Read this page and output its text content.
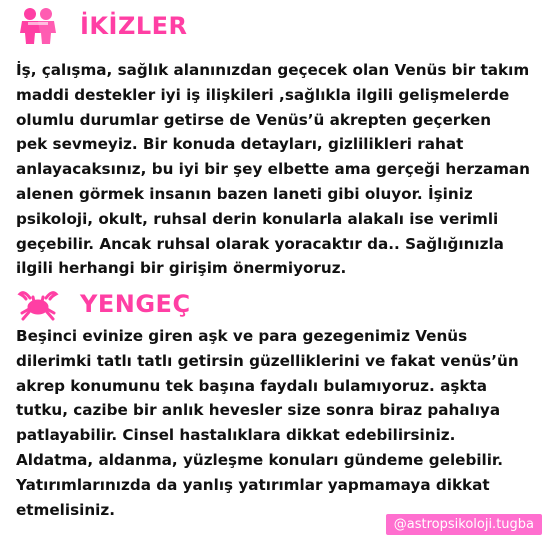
İKİZLER

İş, çalışma, sağlık alanınızdan geçecek olan Venüs bir takım
maddi destekler iyi iş ilişkileri ,sağlıkla ilgili gelişmelerde
olumlu durumlar getirse de Venüs’ü akrepten geçerken
pek sevmeyiz. Bir konuda detayları, gizlilikleri rahat
anlayacaksınız, bu iyi bir şey elbette ama gerçeği herzaman
alenen görmek insanın bazen laneti gibi oluyor. İşiniz
psikoloji, okult, ruhsal derin konularla alakalı ise verimli
geçebilir. Ancak ruhsal olarak yoracaktır da.. Sağlığınızla
ilgili herhangi bir girişim önermiyoruz.

YENGEÇ

Beşinci evinize giren aşk ve para gezegenimiz Venüs
dilerimki tatlı tatlı getirsin güzelliklerini ve fakat venüs’ün
akrep konumunu tek başına faydalı bulamıyoruz. aşkta
tutku, cazibe bir anlık hevesler size sonra biraz pahalıya
patlayabilir. Cinsel hastalıklara dikkat edebilirsiniz.
Aldatma, aldanma, yüzleşme konuları gündeme gelebilir.
Yatırımlarınızda da yanlış yatırımlar yapmamaya dikkat
etmelisiniz.

@astropsikoloji.tugba
